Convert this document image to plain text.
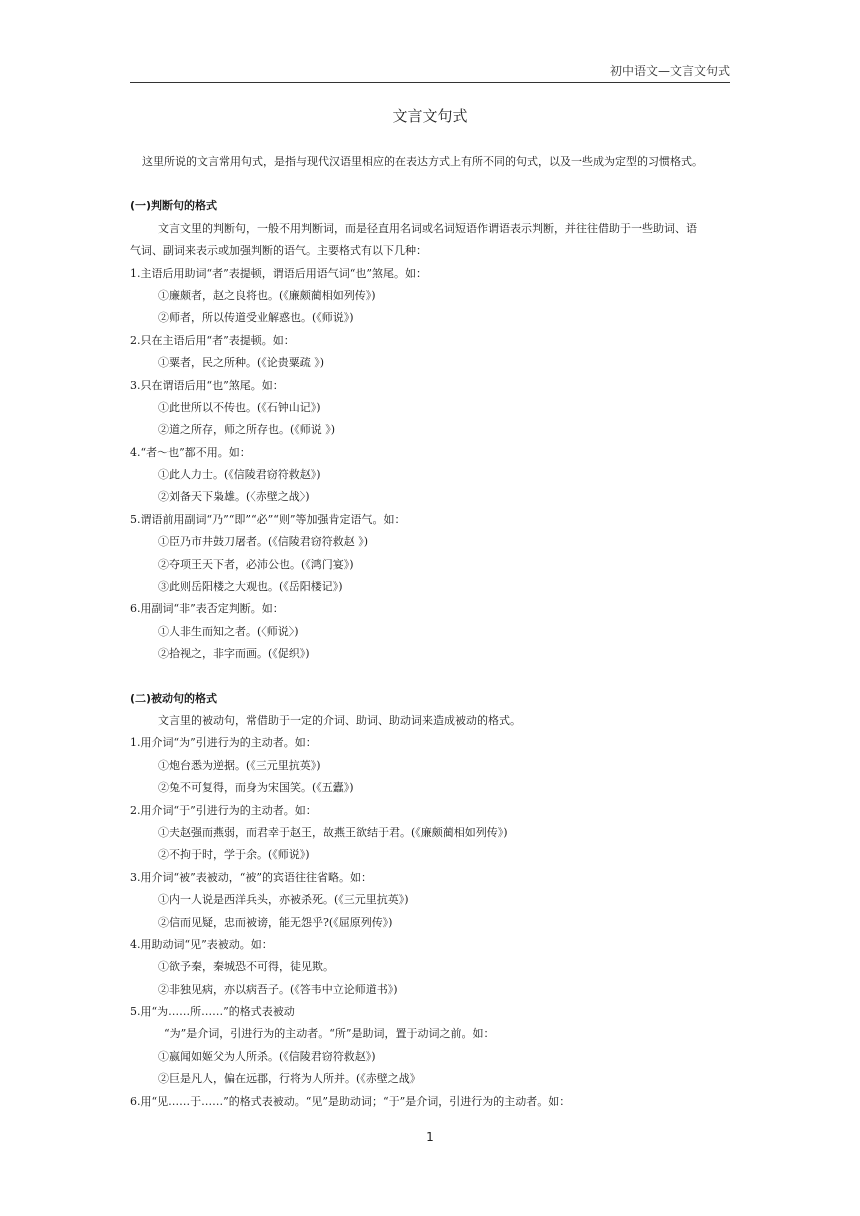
初中语文—文言文句式
文言文句式
这里所说的文言常用句式，是指与现代汉语里相应的在表达方式上有所不同的句式，以及一些成为定型的习惯格式。
(一)判断句的格式
文言文里的判断句，一般不用判断词，而是径直用名词或名词短语作谓语表示判断，并往往借助于一些助词、语
气词、副词来表示或加强判断的语气。主要格式有以下几种：
1.主语后用助词“者”表提顿，谓语后用语气词“也”煞尾。如：
①廉颇者，赵之良将也。(《廉颇蔺相如列传》)
②师者，所以传道受业解惑也。(《师说》)
2.只在主语后用“者”表提顿。如：
①粟者，民之所种。(《论贵粟疏 》)
3.只在谓语后用“也”煞尾。如：
①此世所以不传也。(《石钟山记》)
②道之所存，师之所存也。(《师说 》)
4.“者～也”都不用。如：
①此人力士。(《信陵君窃符救赵》)
②刘备天下枭雄。(〈赤壁之战〉)
5.谓语前用副词“乃”“即”“必”“则”等加强肯定语气。如：
①臣乃市井鼓刀屠者。(《信陵君窃符救赵 》)
②夺项王天下者，必沛公也。(《鸿门宴》)
③此则岳阳楼之大观也。(《岳阳楼记》)
6.用副词“非”表否定判断。如：
①人非生而知之者。(〈师说〉)
②拾视之，非字而画。(《促织》)
(二)被动句的格式
文言里的被动句，常借助于一定的介词、助词、助动词来造成被动的格式。
1.用介词“为”引进行为的主动者。如：
①炮台悉为逆据。(《三元里抗英》)
②兔不可复得，而身为宋国笑。(《五蠹》)
2.用介词“于”引进行为的主动者。如：
①夫赵强而燕弱，而君幸于赵王，故燕王欲结于君。(《廉颇蔺相如列传》)
②不拘于时，学于余。(《师说》)
3.用介词“被”表被动，“被”的宾语往往省略。如：
①内一人说是西洋兵头，亦被杀死。(《三元里抗英》)
②信而见疑，忠而被谤，能无怨乎?(《屈原列传》)
4.用助动词“见”表被动。如：
①欲予秦，秦城恐不可得，徒见欺。
②非独见病，亦以病吾子。(《答韦中立论师道书》)
5.用“为……所……”的格式表被动
“为”是介词，引进行为的主动者。“所”是助词，置于动词之前。如：
①嬴闻如姬父为人所杀。(《信陵君窃符救赵》)
②巨是凡人，偏在远郡，行将为人所并。(《赤壁之战》
6.用“见……于……”的格式表被动。“见”是助动词；“于”是介词，引进行为的主动者。如：
1
